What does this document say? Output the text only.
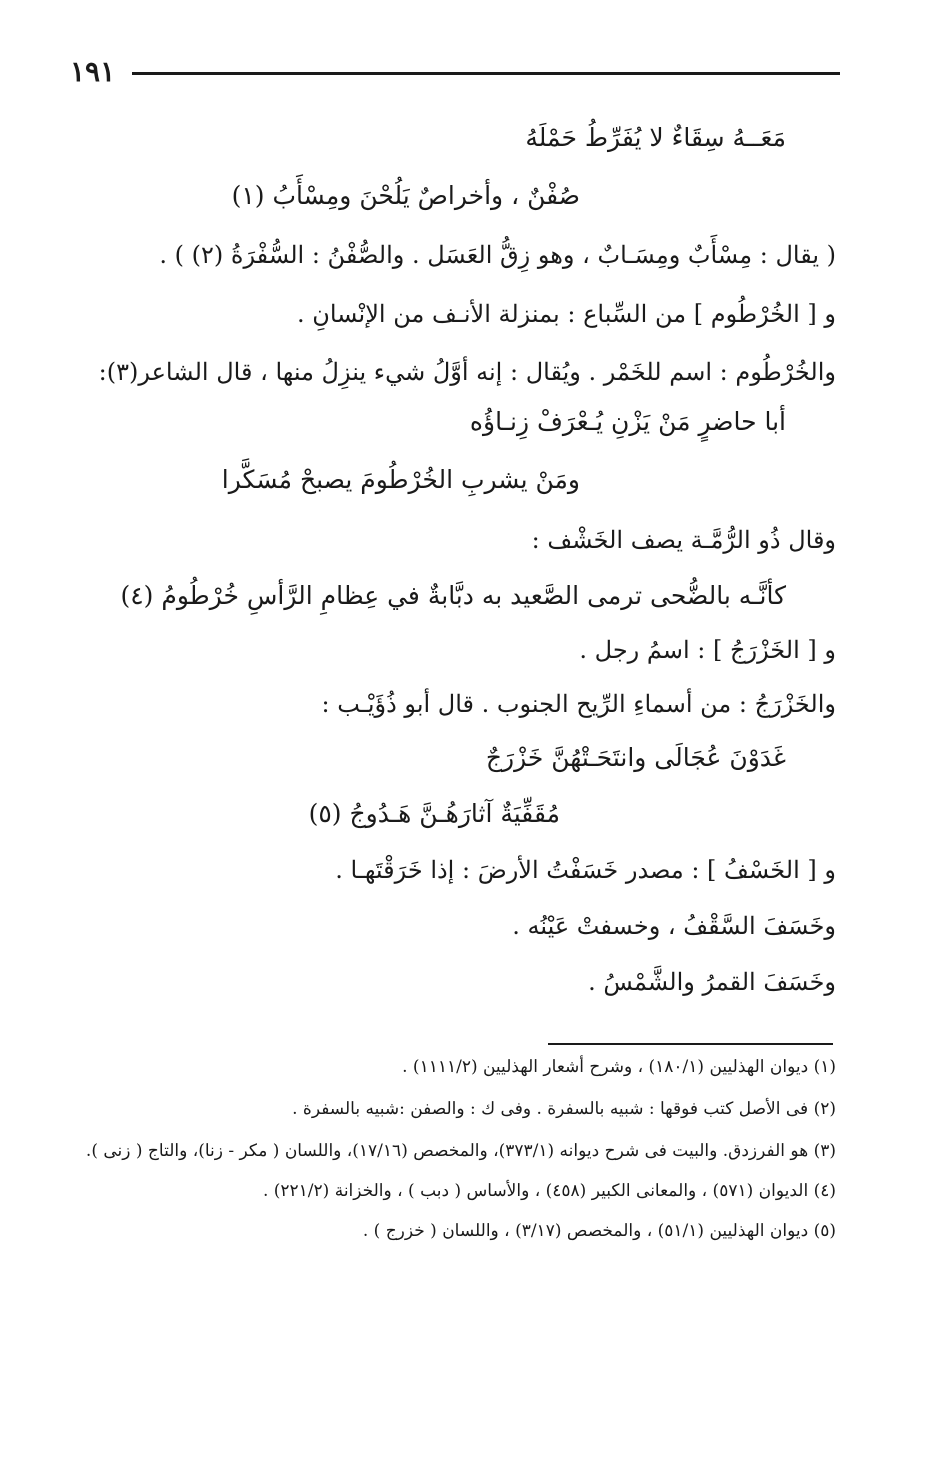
١٩١
مَعَــهُ سِقَاءٌ لا يُفَرِّطُ حَمْلَهُ
صُفْنٌ ، وأخراصٌ يَلُحْنَ ومِسْأَبُ (١)
( يقال : مِسْأَبٌ ومِسَـابٌ ، وهو زِقُّ العَسَل . والصُّفْنُ : السُّفْرَةُ (٢) ) .
و [ الخُرْطُوم ] من السِّباع : بمنزلة الأنـف من الإنْسانِ .
والخُرْطُوم : اسم للخَمْر . ويُقال : إنه أوَّلُ شيء ينزِلُ منها ، قال الشاعر(٣):
أبا حاضرٍ مَنْ يَزْنِ يُـعْرَفْ زِنـاؤُه
ومَنْ يشربِ الخُرْطُومَ يصبحْ مُسَكَّرا
وقال ذُو الرُّمَّـة يصف الخَشْف :
كأنَّـه بالضُّحى ترمى الصَّعيد به دبَّابةٌ في عِظامِ الرَّأسِ خُرْطُومُ (٤)
و [ الخَزْرَجُ ] : اسمُ رجل .
والخَزْرَجُ : من أسماءِ الرِّيح الجنوب . قال أبو ذُؤَيْـب :
غَدَوْنَ عُجَالَى وانتَحَـتْهُنَّ خَزْرَجٌ
مُقَفِّيَةٌ آثارَهُـنَّ هَـدُوجُ (٥)
و [ الخَسْفُ ] : مصدر خَسَفْتُ الأرضَ : إذا خَرَقْتَهـا .
وخَسَفَ السَّقْفُ ، وخسفتْ عَيْنُه .
وخَسَفَ القمرُ والشَّمْسُ .
(١) ديوان الهذليين (١٨٠/١) ، وشرح أشعار الهذليين (١١١١/٢) .
(٢) فى الأصل كتب فوقها : شبيه بالسفرة . وفى ك : والصفن :شبيه بالسفرة .
(٣) هو الفرزدق. والبيت فى شرح ديوانه (٣٧٣/١)، والمخصص (١٧/١٦)، واللسان ( مكر - زنا)، والتاج ( زنى ).
(٤) الديوان (٥٧١) ، والمعانى الكبير (٤٥٨) ، والأساس ( دبب ) ، والخزانة (٢٢١/٢) .
(٥) ديوان الهذليين (٥١/١) ، والمخصص (٣/١٧) ، واللسان ( خزرج ) .
